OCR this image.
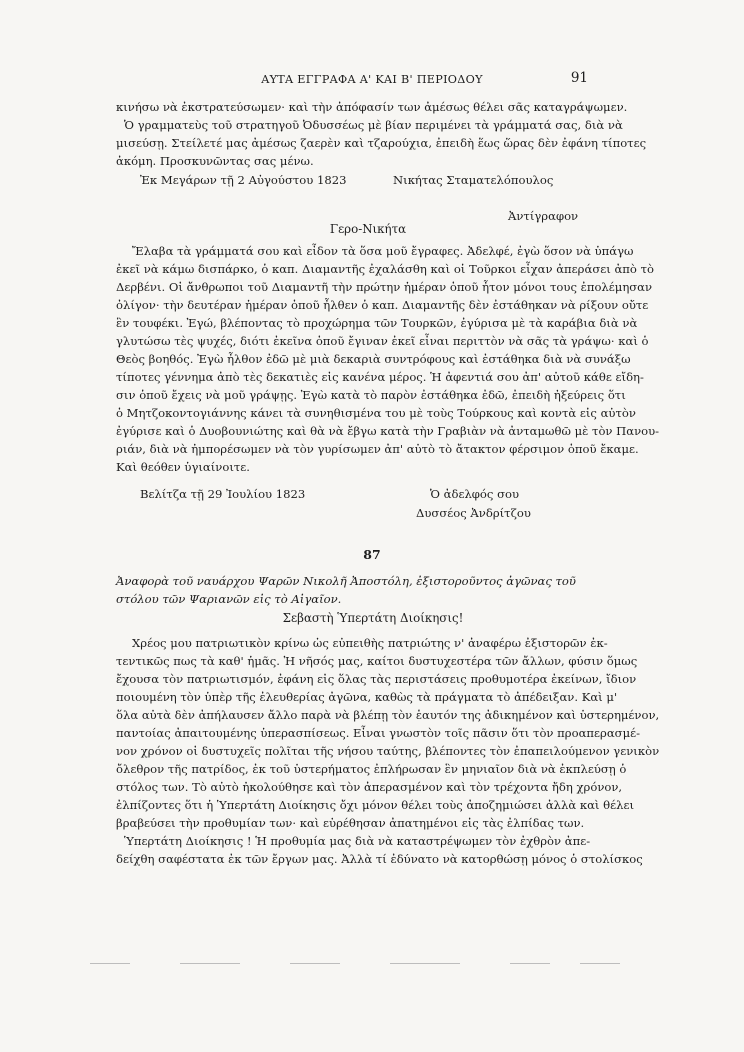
ΑΥΤΑ ΕΓΓΡΑΦΑ Α' ΚΑΙ Β' ΠΕΡΙΟΔΟΥ	91
κινήσω νὰ ἐκστρατεύσωμεν· καὶ τὴν ἀπόφασίν των ἀμέσως θέλει σᾶς καταγράψωμεν.
Ὁ γραμματεὺς τοῦ στρατηγοῦ Ὀδυσσέως μὲ βίαν περιμένει τὰ γράμματά σας, διὰ νὰ
μισεύσῃ. Στείλετέ μας ἀμέσως ζαερὲν καὶ τζαρούχια, ἐπειδὴ ἕως ὥρας δὲν ἐφάνη τίποτες
ἀκόμη. Προσκυνῶντας σας μένω.
Ἐκ Μεγάρων τῇ 2 Αὐγούστου 1823	Νικήτας Σταματελόπουλος
Ἀντίγραφον
Γερο-Νικήτα
Ἔλαβα τὰ γράμματά σου καὶ εἶδον τὰ ὅσα μοῦ ἔγραφες. Ἀδελφέ, ἐγὼ ὅσον νὰ ὑπάγω
ἐκεῖ νὰ κάμω δισπάρκο, ὁ καπ. Διαμαντῆς ἐχαλάσθη καὶ οἱ Τοῦρκοι εἶχαν ἀπεράσει ἀπὸ τὸ
Δερβένι. Οἱ ἄνθρωποι τοῦ Διαμαντῆ τὴν πρώτην ἡμέραν ὁποῦ ἦτον μόνοι τους ἐπολέμησαν
ὀλίγον· τὴν δευτέραν ἡμέραν ὁποῦ ἦλθεν ὁ καπ. Διαμαντῆς δὲν ἐστάθηκαν νὰ ρίξουν οὔτε
ἓν τουφέκι. Ἐγώ, βλέποντας τὸ προχώρημα τῶν Τουρκῶν, ἐγύρισα μὲ τὰ καράβια διὰ νὰ
γλυτώσω τὲς ψυχές, διότι ἐκεῖνα ὁποῦ ἔγιναν ἐκεῖ εἶναι περιττὸν νὰ σᾶς τὰ γράψω· καὶ ὁ
Θεὸς βοηθός. Ἐγὼ ἦλθον ἐδῶ μὲ μιὰ δεκαριὰ συντρόφους καὶ ἐστάθηκα διὰ νὰ συνάξω
τίποτες γέννημα ἀπὸ τὲς δεκατιὲς εἰς κανένα μέρος. Ἡ ἀφεντιά σου ἀπ' αὐτοῦ κάθε εἴδη-
σιν ὁποῦ ἔχεις νὰ μοῦ γράψῃς. Ἐγὼ κατὰ τὸ παρὸν ἐστάθηκα ἐδῶ, ἐπειδὴ ἠξεύρεις ὅτι
ὁ Μητζοκοντογιάννης κάνει τὰ συνηθισμένα του μὲ τοὺς Τούρκους καὶ κοντὰ εἰς αὐτὸν
ἐγύρισε καὶ ὁ Δυοβουνιώτης καὶ θὰ νὰ ἔβγω κατὰ τὴν Γραβιὰν νὰ ἀνταμωθῶ μὲ τὸν Πανου-
ριάν, διὰ νὰ ἠμπορέσωμεν νὰ τὸν γυρίσωμεν ἀπ' αὐτὸ τὸ ἄτακτον φέρσιμον ὁποῦ ἔκαμε.
Καὶ θεόθεν ὑγιαίνοιτε.
Βελίτζα τῇ 29 Ἰουλίου 1823	Ὁ ἀδελφός σου
Δυσσέος Ἀνδρίτζου
87
Ἀναφορὰ τοῦ ναυάρχου Ψαρῶν Νικολῆ Ἀποστόλη, ἐξιστοροῦντος ἀγῶνας τοῦ στόλου τῶν Ψαριανῶν εἰς τὸ Αἰγαῖον.
Σεβαστὴ Ὑπερτάτη Διοίκησις!
Χρέος μου πατριωτικὸν κρίνω ὡς εὐπειθὴς πατριώτης ν' ἀναφέρω ἐξιστορῶν ἐκ-
τεντικῶς πως τὰ καθ' ἡμᾶς. Ἡ νῆσός μας, καίτοι δυστυχεστέρα τῶν ἄλλων, φύσιν ὅμως
ἔχουσα τὸν πατριωτισμόν, ἐφάνη εἰς ὅλας τὰς περιστάσεις προθυμοτέρα ἐκείνων, ἴδιον
ποιουμένη τὸν ὑπὲρ τῆς ἐλευθερίας ἀγῶνα, καθὼς τὰ πράγματα τὸ ἀπέδειξαν. Καὶ μ'
ὅλα αὐτὰ δὲν ἀπήλαυσεν ἄλλο παρὰ νὰ βλέπῃ τὸν ἑαυτόν της ἀδικημένον καὶ ὑστερημένον,
παντοίας ἀπαιτουμένης ὑπερασπίσεως. Εἶναι γνωστὸν τοῖς πᾶσιν ὅτι τὸν προαπερασμέ-
νον χρόνον οἱ δυστυχεῖς πολῖται τῆς νήσου ταύτης, βλέποντες τὸν ἐπαπειλούμενον γενικὸν
ὄλεθρον τῆς πατρίδος, ἐκ τοῦ ὑστερήματος ἐπλήρωσαν ἓν μηνιαῖον διὰ νὰ ἐκπλεύσῃ ὁ
στόλος των. Τὸ αὐτὸ ἠκολούθησε καὶ τὸν ἀπερασμένον καὶ τὸν τρέχοντα ἤδη χρόνον,
ἐλπίζοντες ὅτι ἡ Ὑπερτάτη Διοίκησις ὄχι μόνον θέλει τοὺς ἀποζημιώσει ἀλλὰ καὶ θέλει
βραβεύσει τὴν προθυμίαν των· καὶ εὑρέθησαν ἀπατημένοι εἰς τὰς ἐλπίδας των.
Ὑπερτάτη Διοίκησις ! Ἡ προθυμία μας διὰ νὰ καταστρέψωμεν τὸν ἐχθρὸν ἀπε-
δείχθη σαφέστατα ἐκ τῶν ἔργων μας. Ἀλλὰ τί ἐδύνατο νὰ κατορθώσῃ μόνος ὁ στολίσκος
